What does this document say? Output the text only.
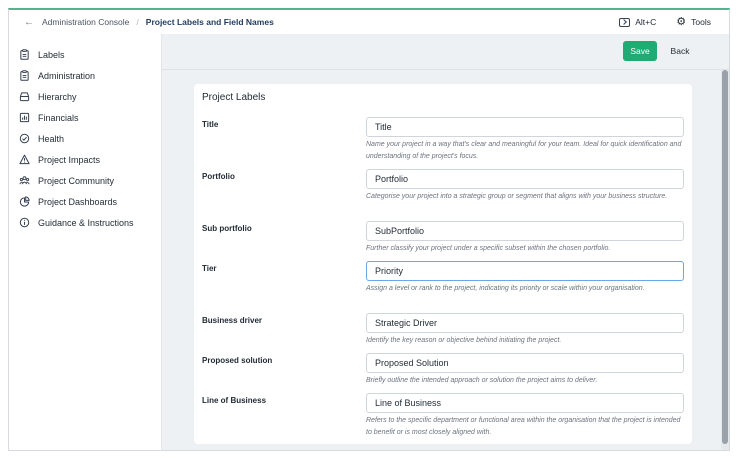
← Administration Console / Project Labels and Field Names	Alt+C ⚙ Tools
Labels
Administration
Hierarchy
Financials
Health
Project Impacts
Project Community
Project Dashboards
Guidance & Instructions
Save	Back
Project Labels
Title	Title
Name your project in a way that's clear and meaningful for your team. Ideal for quick identification and understanding of the project's focus.
Portfolio	Portfolio
Categorise your project into a strategic group or segment that aligns with your business structure.
Sub portfolio	SubPortfolio
Further classify your project under a specific subset within the chosen portfolio.
Tier	Priority
Assign a level or rank to the project, indicating its priority or scale within your organisation.
Business driver	Strategic Driver
Identify the key reason or objective behind initiating the project.
Proposed solution	Proposed Solution
Briefly outline the intended approach or solution the project aims to deliver.
Line of Business	Line of Business
Refers to the specific department or functional area within the organisation that the project is intended to benefit or is most closely aligned with.
